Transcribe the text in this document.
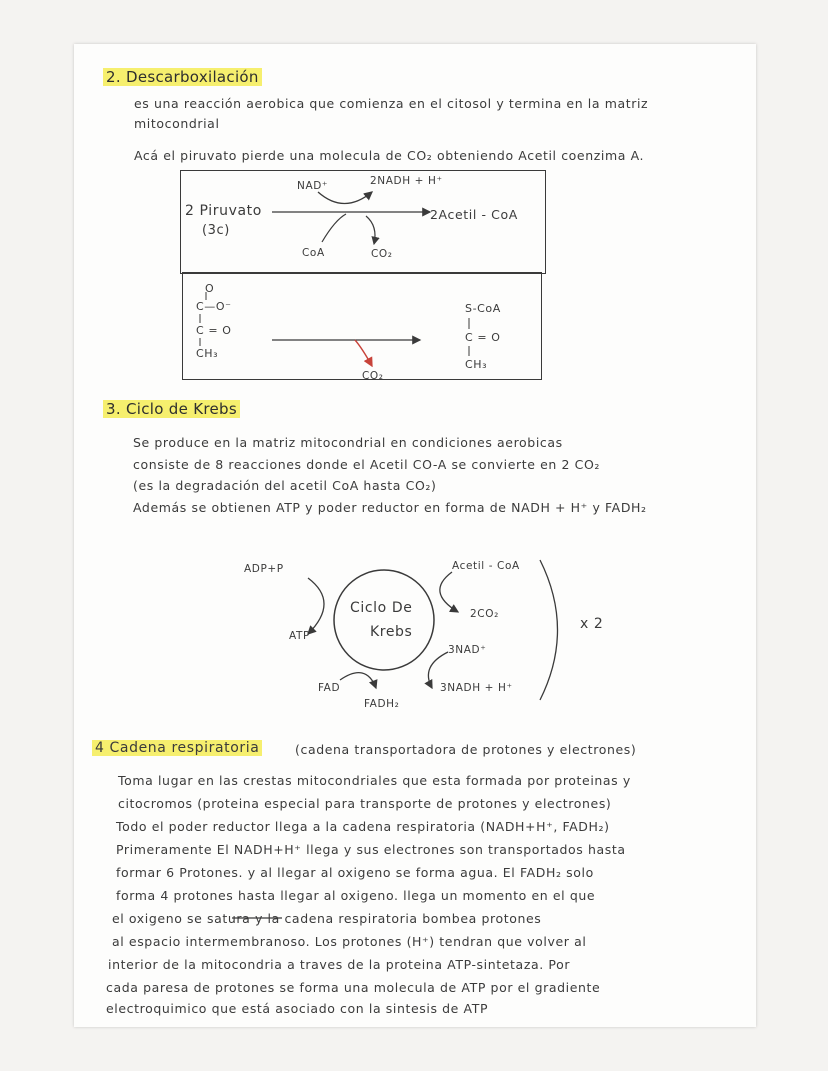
2. Descarboxilación
es una reacción aerobica que comienza en el citosol y termina en la matriz
mitocondrial
Acá el piruvato pierde una molecula de CO₂ obteniendo Acetil coenzima A.
2 Piruvato
(3c)
NAD⁺	2NADH + H⁺
CoA	CO₂
2Acetil - CoA
O
C—O⁻
C = O
CH₃
S-CoA
C = O
CH₃
CO₂
3. Ciclo de Krebs
Se produce en la matriz mitocondrial en condiciones aerobicas
consiste de 8 reacciones donde el Acetil CO-A se convierte en 2 CO₂
(es la degradación del acetil CoA hasta CO₂)
Además se obtienen ATP y poder reductor en forma de NADH + H⁺ y FADH₂
ADP+P
ATP
Ciclo De
Krebs
Acetil - CoA
2CO₂
3NAD⁺
3NADH + H⁺
FAD
FADH₂
x 2
4 Cadena respiratoria	(cadena transportadora de protones y electrones)
Toma lugar en las crestas mitocondriales que esta formada por proteinas y
citocromos (proteina especial para transporte de protones y electrones)
Todo el poder reductor llega a la cadena respiratoria (NADH+H⁺, FADH₂)
Primeramente El NADH+H⁺ llega y sus electrones son transportados hasta
formar 6 Protones. y al llegar al oxigeno se forma agua. El FADH₂ solo
forma 4 protones hasta llegar al oxigeno. llega un momento en el que
el oxigeno se satura y la cadena respiratoria bombea protones
al espacio intermembranoso. Los protones (H⁺) tendran que volver al
interior de la mitocondria a traves de la proteina ATP-sintetaza. Por
cada paresa de protones se forma una molecula de ATP por el gradiente
electroquimico que está asociado con la sintesis de ATP
